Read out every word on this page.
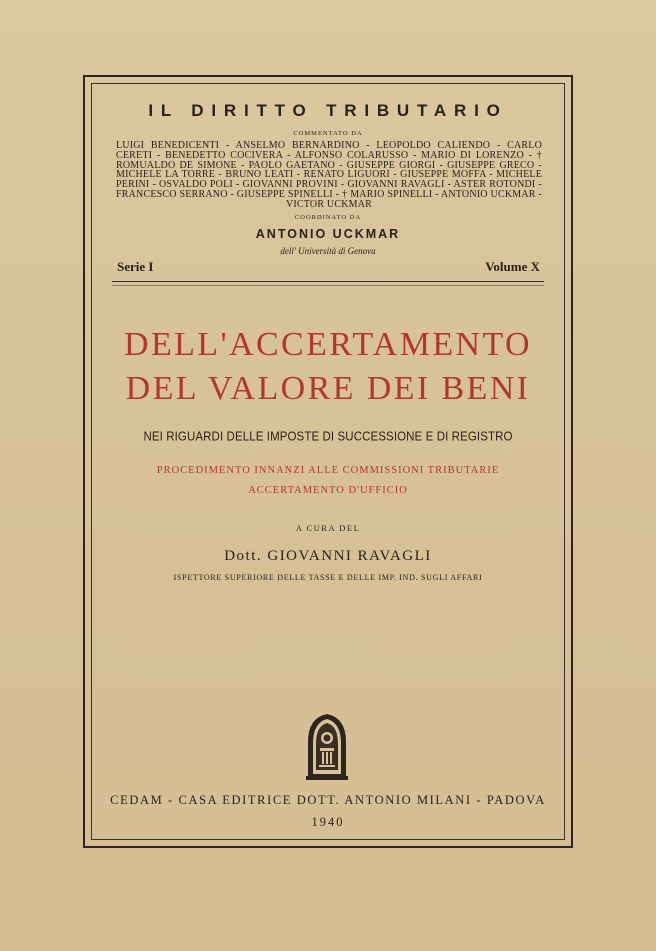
IL DIRITTO TRIBUTARIO
COMMENTATO DA
LUIGI BENEDICENTI - ANSELMO BERNARDINO - LEOPOLDO CALIENDO - CARLO CERETI - BENEDETTO COCIVERA - ALFONSO COLARUSSO - MARIO DI LORENZO - † ROMUALDO DE SIMONE - PAOLO GAETANO - GIUSEPPE GIORGI - GIUSEPPE GRECO - MICHELE LA TORRE - BRUNO LEATI - RENATO LIGUORI - GIUSEPPE MOFFA - MICHELE PERINI - OSVALDO POLI - GIOVANNI PROVINI - GIOVANNI RAVAGLI - ASTER ROTONDI - FRANCESCO SERRANO - GIUSEPPE SPINELLI - † MARIO SPINELLI - ANTONIO UCKMAR - VICTOR UCKMAR
COORDINATO DA
ANTONIO UCKMAR
dell' Università di Genova
Serie I	Volume X
DELL'ACCERTAMENTO
DEL VALORE DEI BENI
NEI RIGUARDI DELLE IMPOSTE DI SUCCESSIONE E DI REGISTRO
PROCEDIMENTO INNANZI ALLE COMMISSIONI TRIBUTARIE
ACCERTAMENTO D'UFFICIO
A CURA DEL
Dott. GIOVANNI RAVAGLI
ISPETTORE SUPERIORE DELLE TASSE E DELLE IMP. IND. SUGLI AFFARI
CEDAM - CASA EDITRICE DOTT. ANTONIO MILANI - PADOVA
1940
